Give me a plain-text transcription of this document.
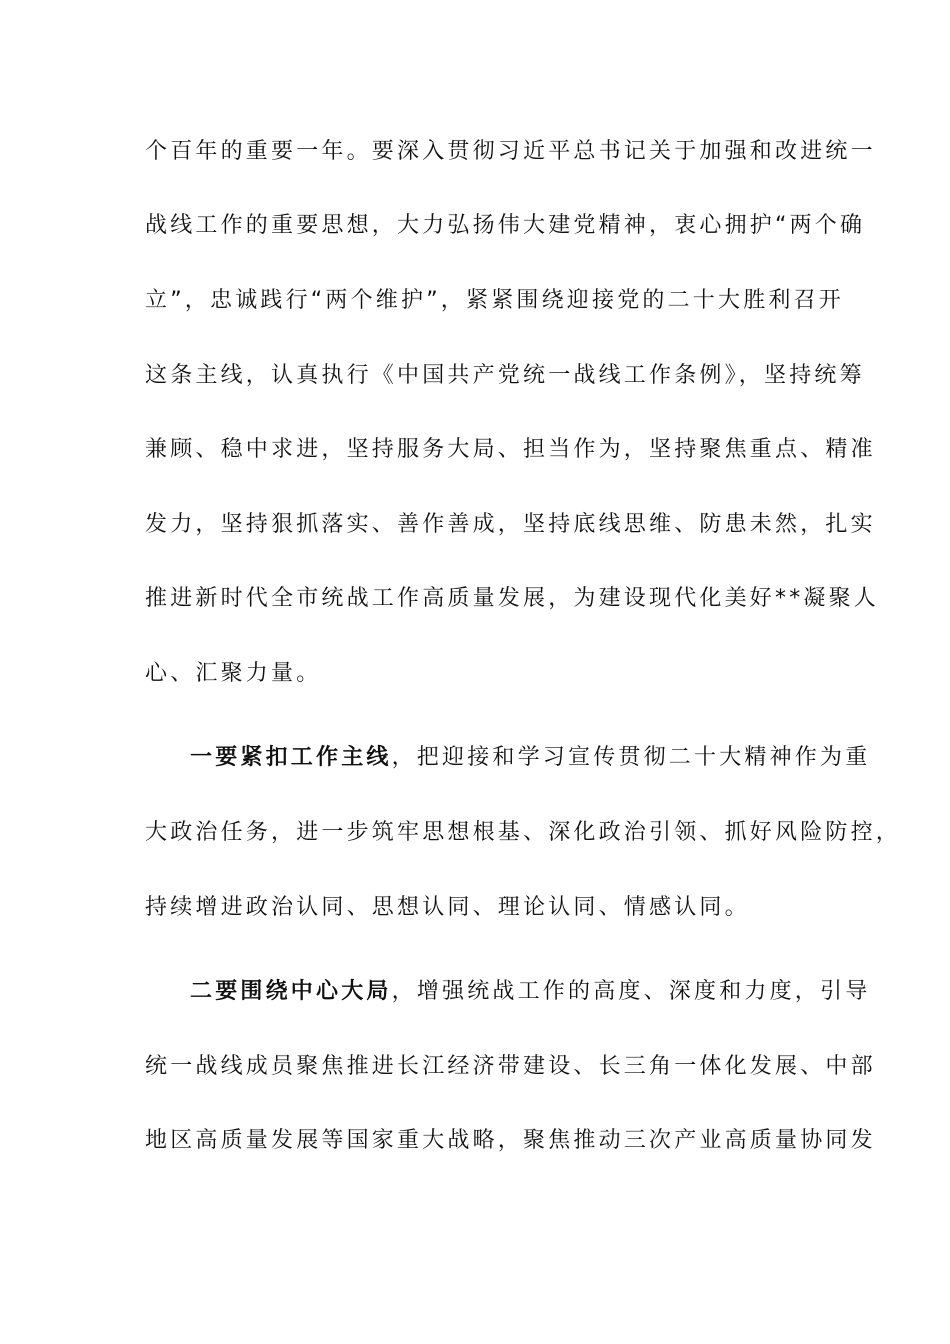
个百年的重要一年。要深入贯彻习近平总书记关于加强和改进统一
战线工作的重要思想，大力弘扬伟大建党精神，衷心拥护“两个确
立”，忠诚践行“两个维护”，紧紧围绕迎接党的二十大胜利召开
这条主线，认真执行《中国共产党统一战线工作条例》，坚持统筹
兼顾、稳中求进，坚持服务大局、担当作为，坚持聚焦重点、精准
发力，坚持狠抓落实、善作善成，坚持底线思维、防患未然，扎实
推进新时代全市统战工作高质量发展，为建设现代化美好**凝聚人
心、汇聚力量。
一要紧扣工作主线，把迎接和学习宣传贯彻二十大精神作为重
大政治任务，进一步筑牢思想根基、深化政治引领、抓好风险防控，
持续增进政治认同、思想认同、理论认同、情感认同。
二要围绕中心大局，增强统战工作的高度、深度和力度，引导
统一战线成员聚焦推进长江经济带建设、长三角一体化发展、中部
地区高质量发展等国家重大战略，聚焦推动三次产业高质量协同发
